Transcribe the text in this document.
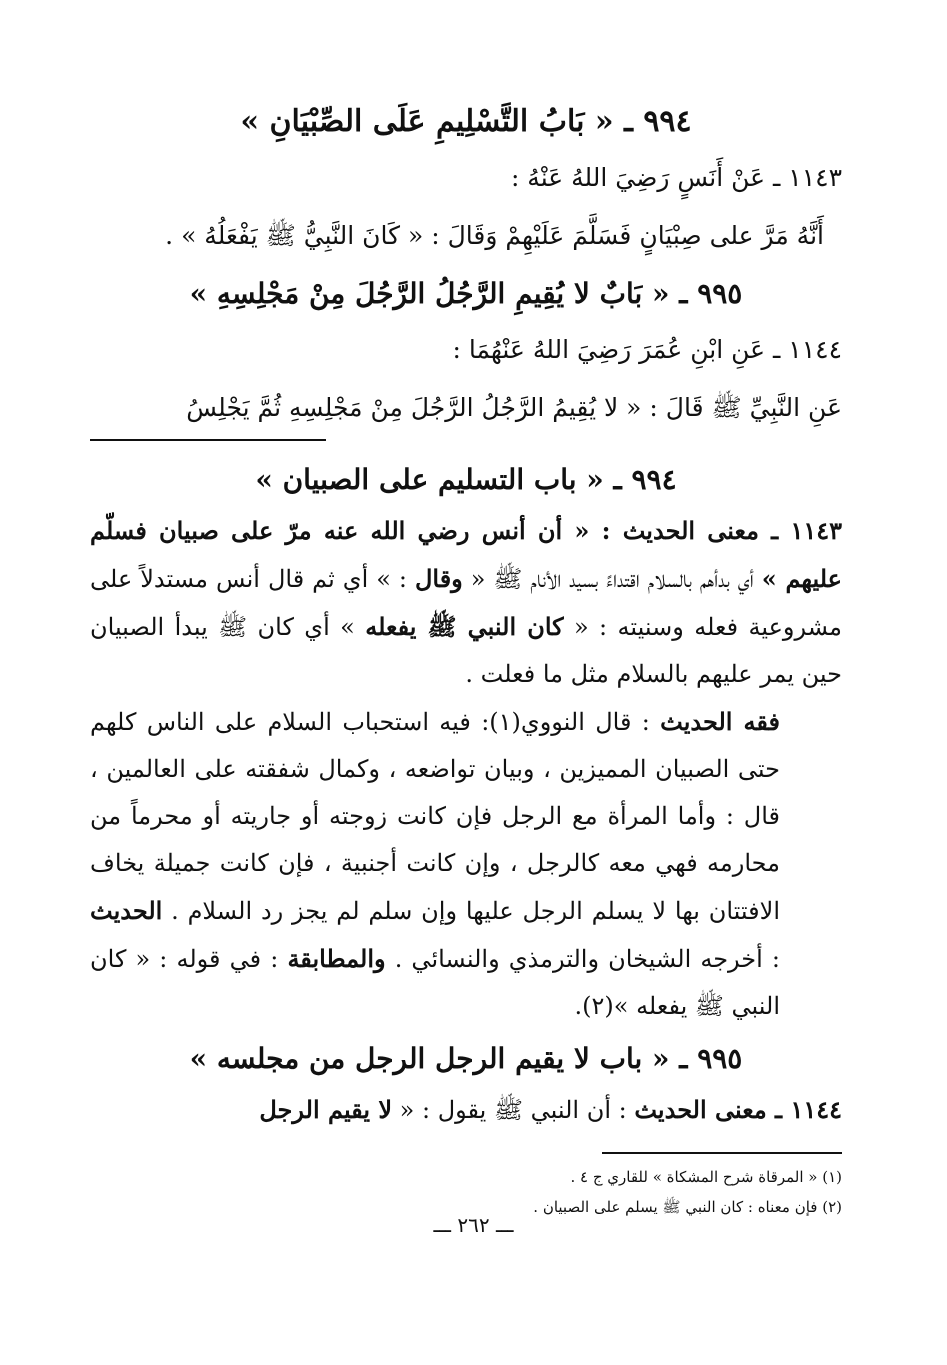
٩٩٤ ـ « بَابُ التَّسْلِيمِ عَلَى الصِّبْيَانِ »

١١٤٣ ـ عَنْ أَنَسٍ رَضِيَ اللهُ عَنْهُ :

أَنَّهُ مَرَّ على صِبْيَانٍ فَسَلَّمَ عَلَيْهِمْ وَقَالَ : « كَانَ النَّبِيُّ ﷺ يَفْعَلُهُ » .

٩٩٥ ـ « بَابٌ لا يُقِيمِ الرَّجُلُ الرَّجُلَ مِنْ مَجْلِسِهِ »

١١٤٤ ـ عَنِ ابْنِ عُمَرَ رَضِيَ اللهُ عَنْهُمَا :

عَنِ النَّبِيِّ ﷺ قَالَ : « لا يُقِيمُ الرَّجُلُ الرَّجُلَ مِنْ مَجْلِسِهِ ثُمَّ يَجْلِسُ

٩٩٤ ـ « باب التسليم على الصبيان »

١١٤٣ ـ معنى الحديث : « أن أنس رضي الله عنه مرّ على صبيان فسلّم عليهم » أي بدأهم بالسلام اقتداءً بسيد الأنام ﷺ « وقال : » أي ثم قال أنس مستدلاً على مشروعية فعله وسنيته : « كان النبي ﷺ يفعله » أي كان ﷺ يبدأ الصبيان حين يمر عليهم بالسلام مثل ما فعلت .

فقه الحديث : قال النووي(١): فيه استحباب السلام على الناس كلهم حتى الصبيان المميزين ، وبيان تواضعه ، وكمال شفقته على العالمين ، قال : وأما المرأة مع الرجل فإن كانت زوجته أو جاريته أو محرماً من محارمه فهي معه كالرجل ، وإن كانت أجنبية ، فإن كانت جميلة يخاف الافتتان بها لا يسلم الرجل عليها وإن سلم لم يجز رد السلام . الحديث : أخرجه الشيخان والترمذي والنسائي . والمطابقة : في قوله : « كان النبي ﷺ يفعله »(٢).

٩٩٥ ـ « باب لا يقيم الرجل الرجل من مجلسه »

١١٤٤ ـ معنى الحديث : أن النبي ﷺ يقول : « لا يقيم الرجل

(١) « المرقاة شرح المشكاة » للقاري ج ٤ .

(٢) فإن معناه : كان النبي ﷺ يسلم على الصبيان .

ـــ ٢٦٢ ـــ
